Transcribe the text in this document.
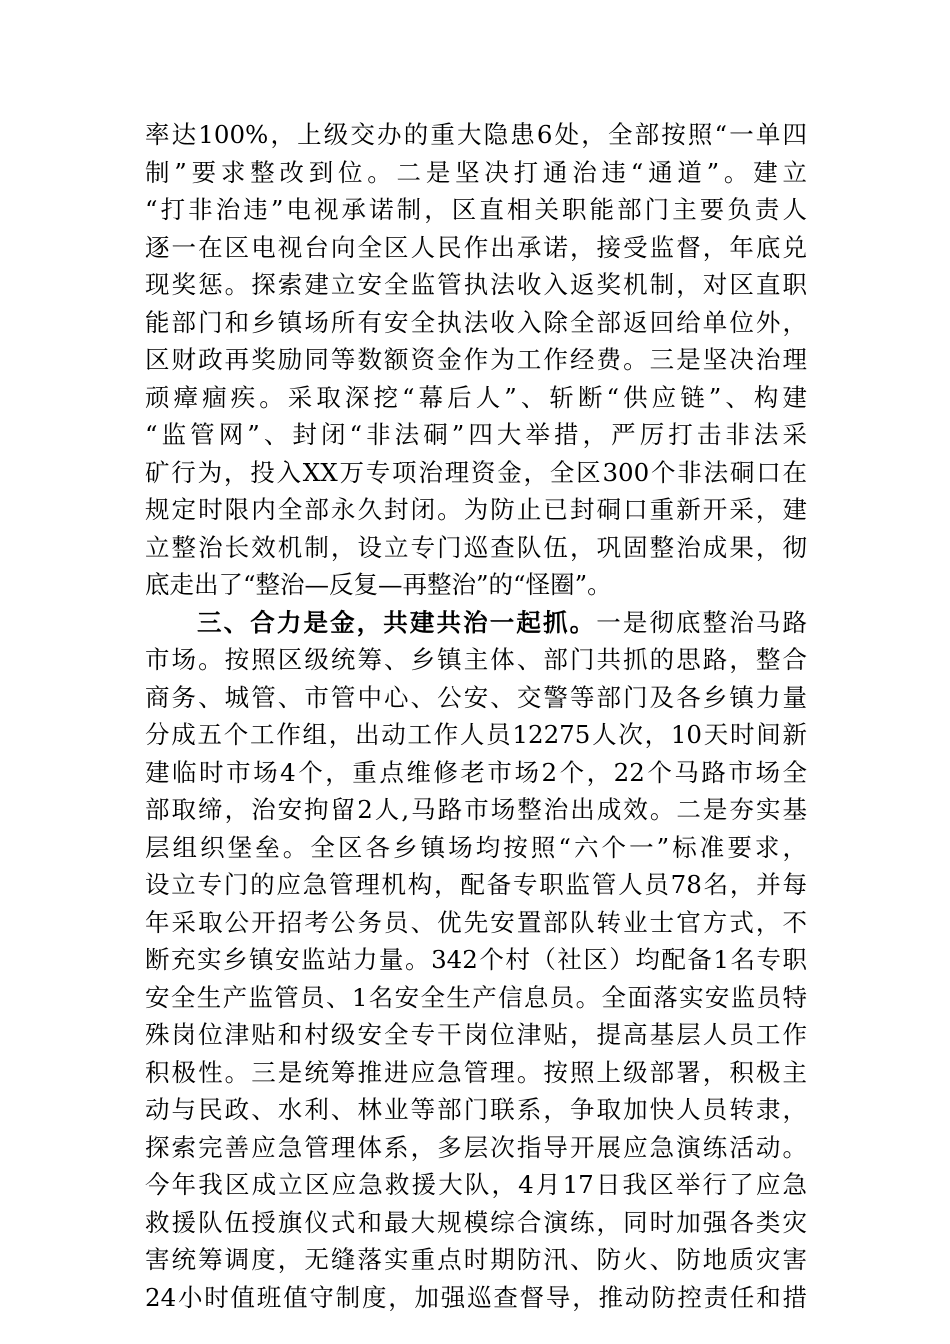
率达100%，上级交办的重大隐患6处，全部按照“一单四
制”要求整改到位。二是坚决打通治违“通道”。建立
“打非治违”电视承诺制，区直相关职能部门主要负责人
逐一在区电视台向全区人民作出承诺，接受监督，年底兑
现奖惩。探索建立安全监管执法收入返奖机制，对区直职
能部门和乡镇场所有安全执法收入除全部返回给单位外，
区财政再奖励同等数额资金作为工作经费。三是坚决治理
顽瘴痼疾。采取深挖“幕后人”、斩断“供应链”、构建
“监管网”、封闭“非法硐”四大举措，严厉打击非法采
矿行为，投入XX万专项治理资金，全区300个非法硐口在
规定时限内全部永久封闭。为防止已封硐口重新开采，建
立整治长效机制，设立专门巡查队伍，巩固整治成果，彻
底走出了“整治—反复—再整治”的“怪圈”。
三、合力是金，共建共治一起抓。一是彻底整治马路
市场。按照区级统筹、乡镇主体、部门共抓的思路，整合
商务、城管、市管中心、公安、交警等部门及各乡镇力量
分成五个工作组，出动工作人员12275人次，10天时间新
建临时市场4个，重点维修老市场2个，22个马路市场全
部取缔，治安拘留2人,马路市场整治出成效。二是夯实基
层组织堡垒。全区各乡镇场均按照“六个一”标准要求，
设立专门的应急管理机构，配备专职监管人员78名，并每
年采取公开招考公务员、优先安置部队转业士官方式，不
断充实乡镇安监站力量。342个村（社区）均配备1名专职
安全生产监管员、1名安全生产信息员。全面落实安监员特
殊岗位津贴和村级安全专干岗位津贴，提高基层人员工作
积极性。三是统筹推进应急管理。按照上级部署，积极主
动与民政、水利、林业等部门联系，争取加快人员转隶，
探索完善应急管理体系，多层次指导开展应急演练活动。
今年我区成立区应急救援大队，4月17日我区举行了应急
救援队伍授旗仪式和最大规模综合演练，同时加强各类灾
害统筹调度，无缝落实重点时期防汛、防火、防地质灾害
24小时值班值守制度，加强巡查督导，推动防控责任和措
